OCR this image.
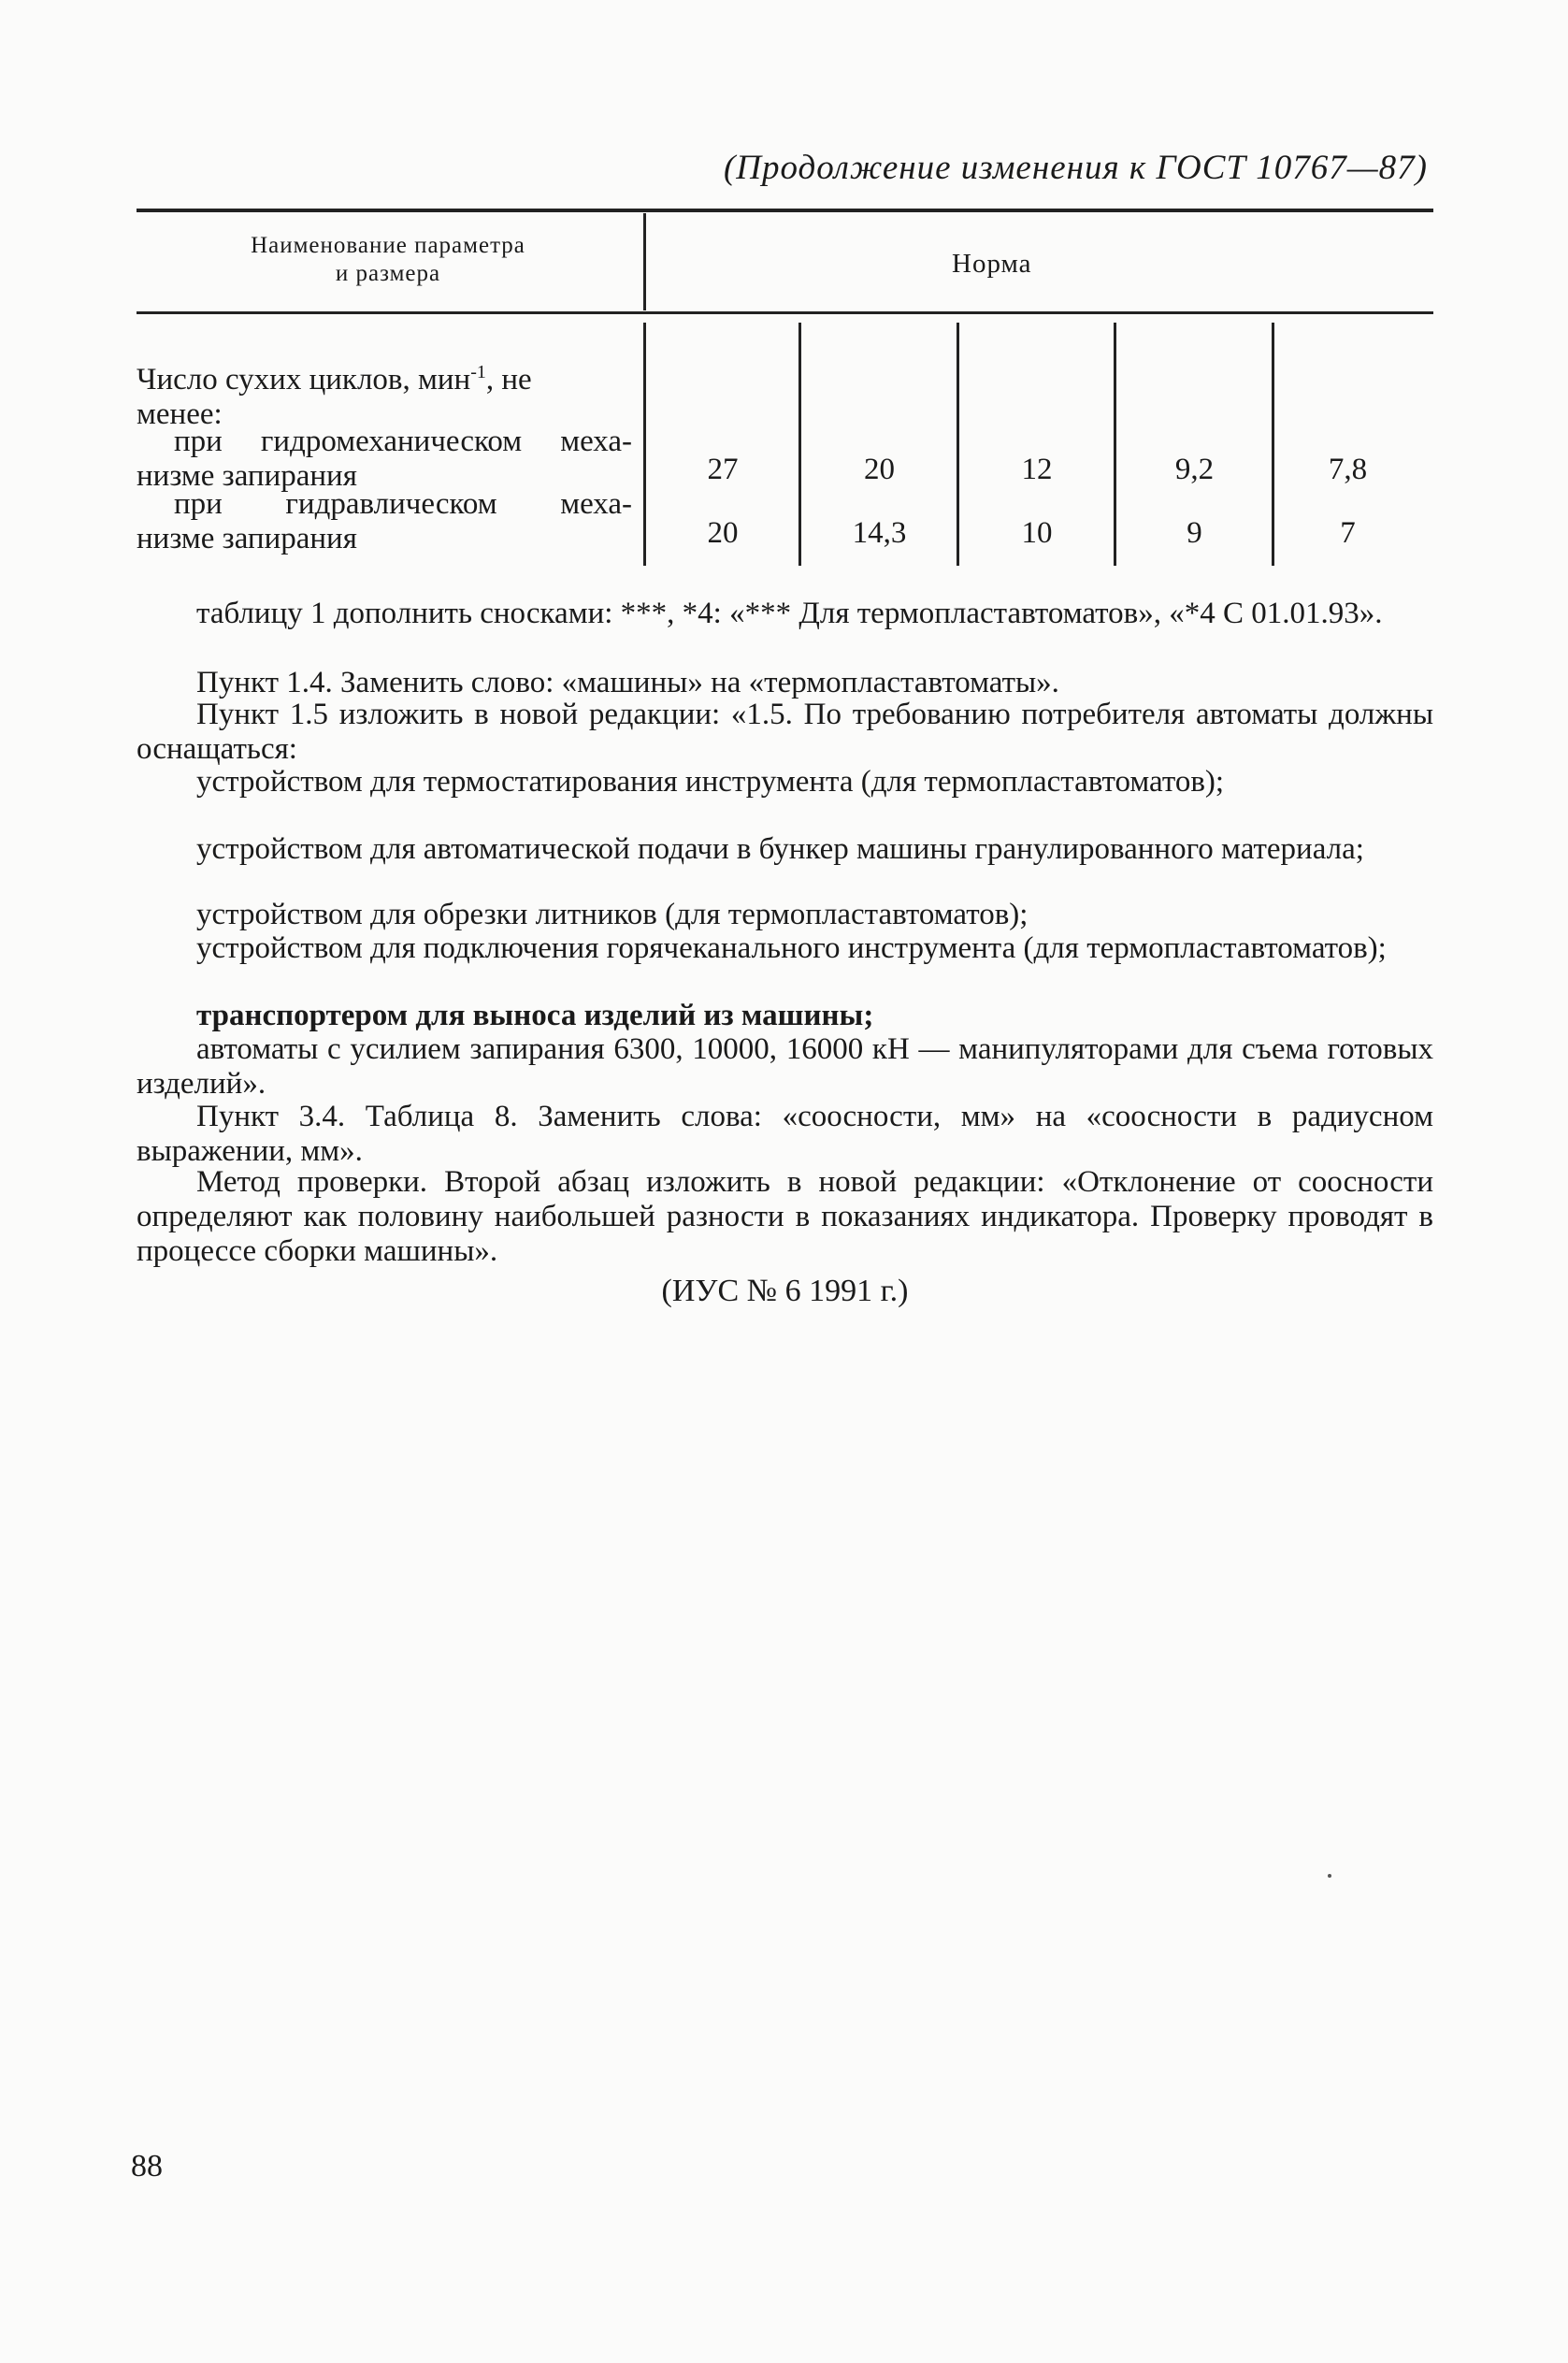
(Продолжение изменения к ГОСТ 10767—87)
Наименование параметра
и размера	Норма
Число сухих циклов, мин$^{-1}$, не
менее:
при гидромеханическом меха-
низме запирания	27	20	12	9,2	7,8
при гидравлическом меха-
низме запирания	20	14,3	10	9	7
таблицу 1 дополнить сносками: ***, *4: «*** Для термопластавтоматов», «*4 С 01.01.93».
Пункт 1.4. Заменить слово: «машины» на «термопластавтоматы».
Пункт 1.5 изложить в новой редакции: «1.5. По требованию потребителя автоматы должны оснащаться:
устройством для термостатирования инструмента (для термопластавтоматов);
устройством для автоматической подачи в бункер машины гранулированного материала;
устройством для обрезки литников (для термопластавтоматов);
устройством для подключения горячеканального инструмента (для термопластавтоматов);
транспортером для выноса изделий из машины;
автоматы с усилием запирания 6300, 10000, 16000 кН — манипуляторами для съема готовых изделий».
Пункт 3.4. Таблица 8. Заменить слова: «соосности, мм» на «соосности в радиусном выражении, мм».
Метод проверки. Второй абзац изложить в новой редакции: «Отклонение от соосности определяют как половину наибольшей разности в показаниях индикатора. Проверку проводят в процессе сборки машины».
(ИУС № 6 1991 г.)
88
